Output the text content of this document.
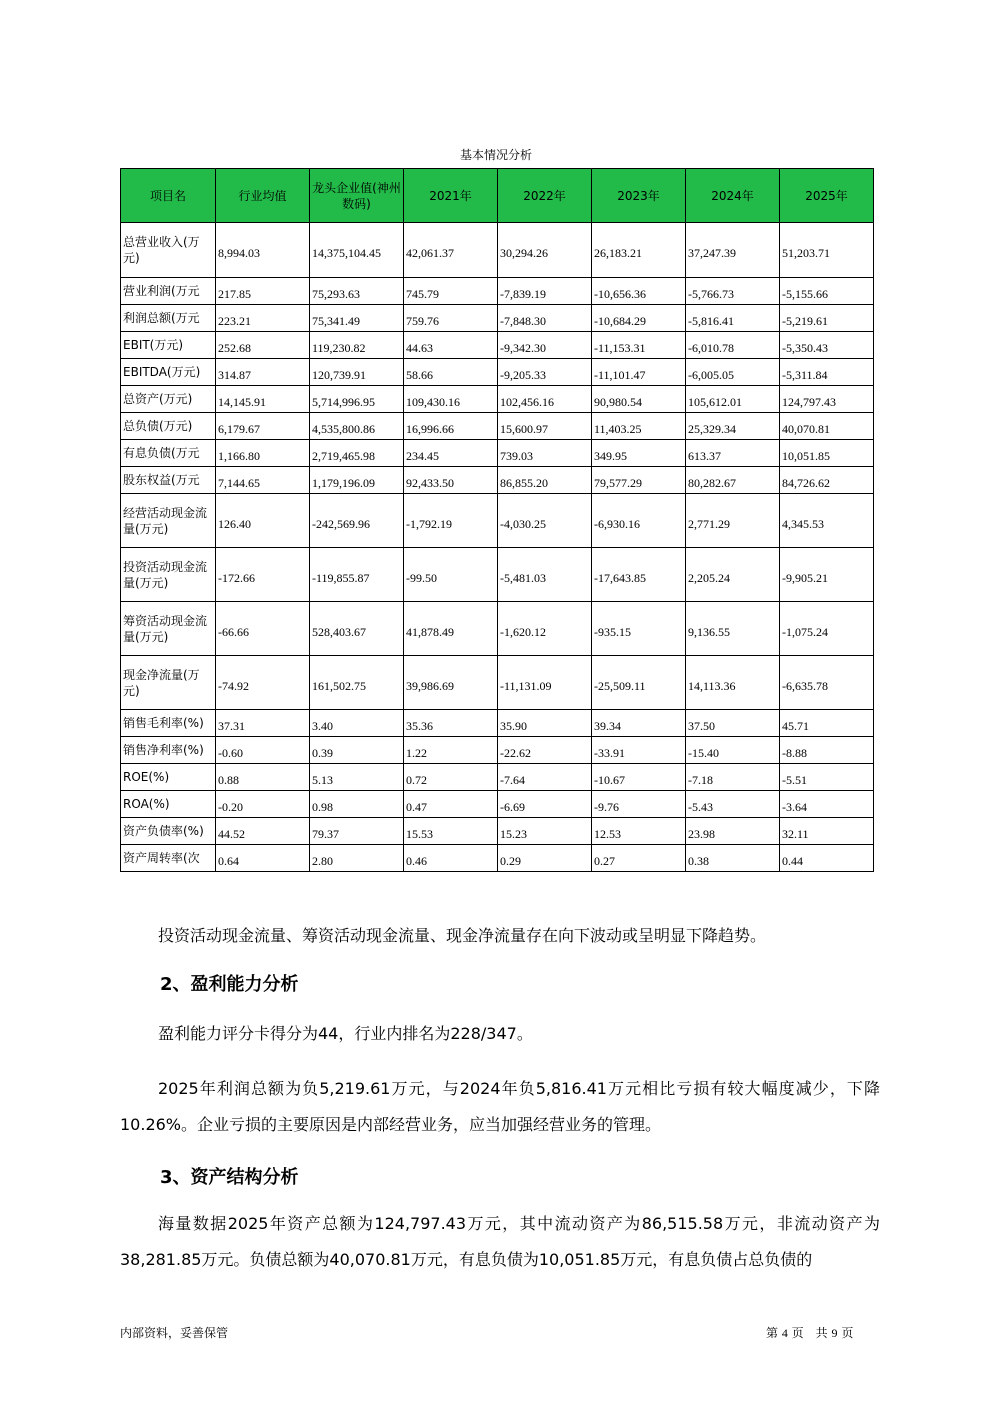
基本情况分析
项目名	行业均值	龙头企业值(神州数码)	2021年	2022年	2023年	2024年	2025年
总营业收入(万元)	8,994.03	14,375,104.45	42,061.37	30,294.26	26,183.21	37,247.39	51,203.71
营业利润(万元	217.85	75,293.63	745.79	-7,839.19	-10,656.36	-5,766.73	-5,155.66
利润总额(万元	223.21	75,341.49	759.76	-7,848.30	-10,684.29	-5,816.41	-5,219.61
EBIT(万元)	252.68	119,230.82	44.63	-9,342.30	-11,153.31	-6,010.78	-5,350.43
EBITDA(万元)	314.87	120,739.91	58.66	-9,205.33	-11,101.47	-6,005.05	-5,311.84
总资产(万元)	14,145.91	5,714,996.95	109,430.16	102,456.16	90,980.54	105,612.01	124,797.43
总负债(万元)	6,179.67	4,535,800.86	16,996.66	15,600.97	11,403.25	25,329.34	40,070.81
有息负债(万元	1,166.80	2,719,465.98	234.45	739.03	349.95	613.37	10,051.85
股东权益(万元	7,144.65	1,179,196.09	92,433.50	86,855.20	79,577.29	80,282.67	84,726.62
经营活动现金流量(万元)	126.40	-242,569.96	-1,792.19	-4,030.25	-6,930.16	2,771.29	4,345.53
投资活动现金流量(万元)	-172.66	-119,855.87	-99.50	-5,481.03	-17,643.85	2,205.24	-9,905.21
筹资活动现金流量(万元)	-66.66	528,403.67	41,878.49	-1,620.12	-935.15	9,136.55	-1,075.24
现金净流量(万元)	-74.92	161,502.75	39,986.69	-11,131.09	-25,509.11	14,113.36	-6,635.78
销售毛利率(%)	37.31	3.40	35.36	35.90	39.34	37.50	45.71
销售净利率(%)	-0.60	0.39	1.22	-22.62	-33.91	-15.40	-8.88
ROE(%)	0.88	5.13	0.72	-7.64	-10.67	-7.18	-5.51
ROA(%)	-0.20	0.98	0.47	-6.69	-9.76	-5.43	-3.64
资产负债率(%)	44.52	79.37	15.53	15.23	12.53	23.98	32.11
资产周转率(次	0.64	2.80	0.46	0.29	0.27	0.38	0.44

投资活动现金流量、筹资活动现金流量、现金净流量存在向下波动或呈明显下降趋势。

2、盈利能力分析

盈利能力评分卡得分为44，行业内排名为228/347。

2025年利润总额为负5,219.61万元，与2024年负5,816.41万元相比亏损有较大幅度减少，下降10.26%。企业亏损的主要原因是内部经营业务，应当加强经营业务的管理。

3、资产结构分析

海量数据2025年资产总额为124,797.43万元，其中流动资产为86,515.58万元，非流动资产为38,281.85万元。负债总额为40,070.81万元，有息负债为10,051.85万元，有息负债占总负债的

内部资料，妥善保管	第 4 页　共 9 页
